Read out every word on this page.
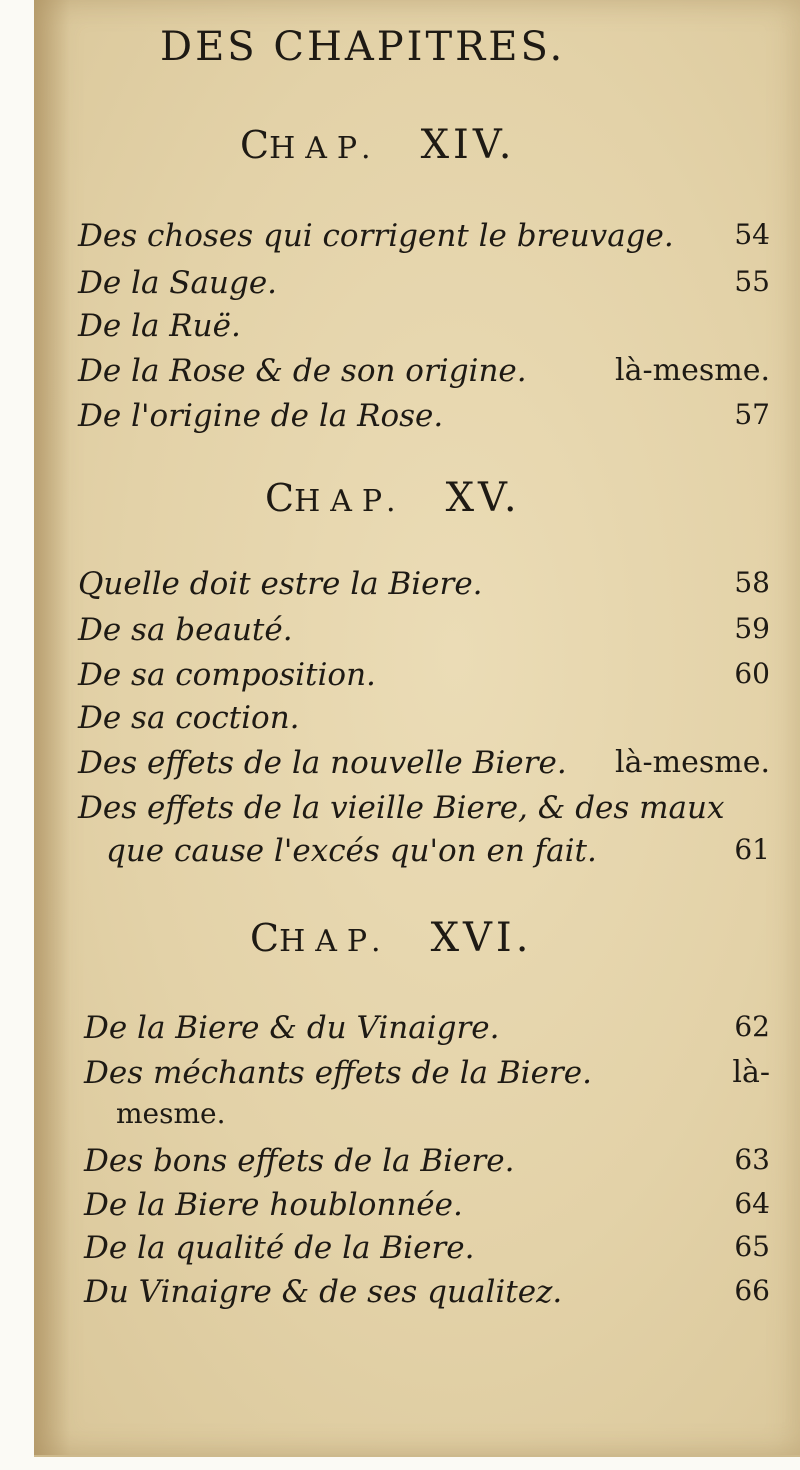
DES CHAPITRES.
CHAP. XIV.
Des choses qui corrigent le breuvage. 54
De la Sauge.	55
De la Ruë.
De la Rose & de son origine.	là-mesme.
De l'origine de la Rose.	57
CHAP. XV.
Quelle doit estre la Biere.	58
De sa beauté.	59
De sa composition.	60
De sa coction.
Des effets de la nouvelle Biere. là-mesme.
Des effets de la vieille Biere, & des maux
que cause l'excés qu'on en fait.	61
CHAP. XVI.
De la Biere & du Vinaigre.	62
Des méchants effets de la Biere.	là-
mesme.
Des bons effets de la Biere.	63
De la Biere houblonnée.	64
De la qualité de la Biere.	65
Du Vinaigre & de ses qualitez.	66
